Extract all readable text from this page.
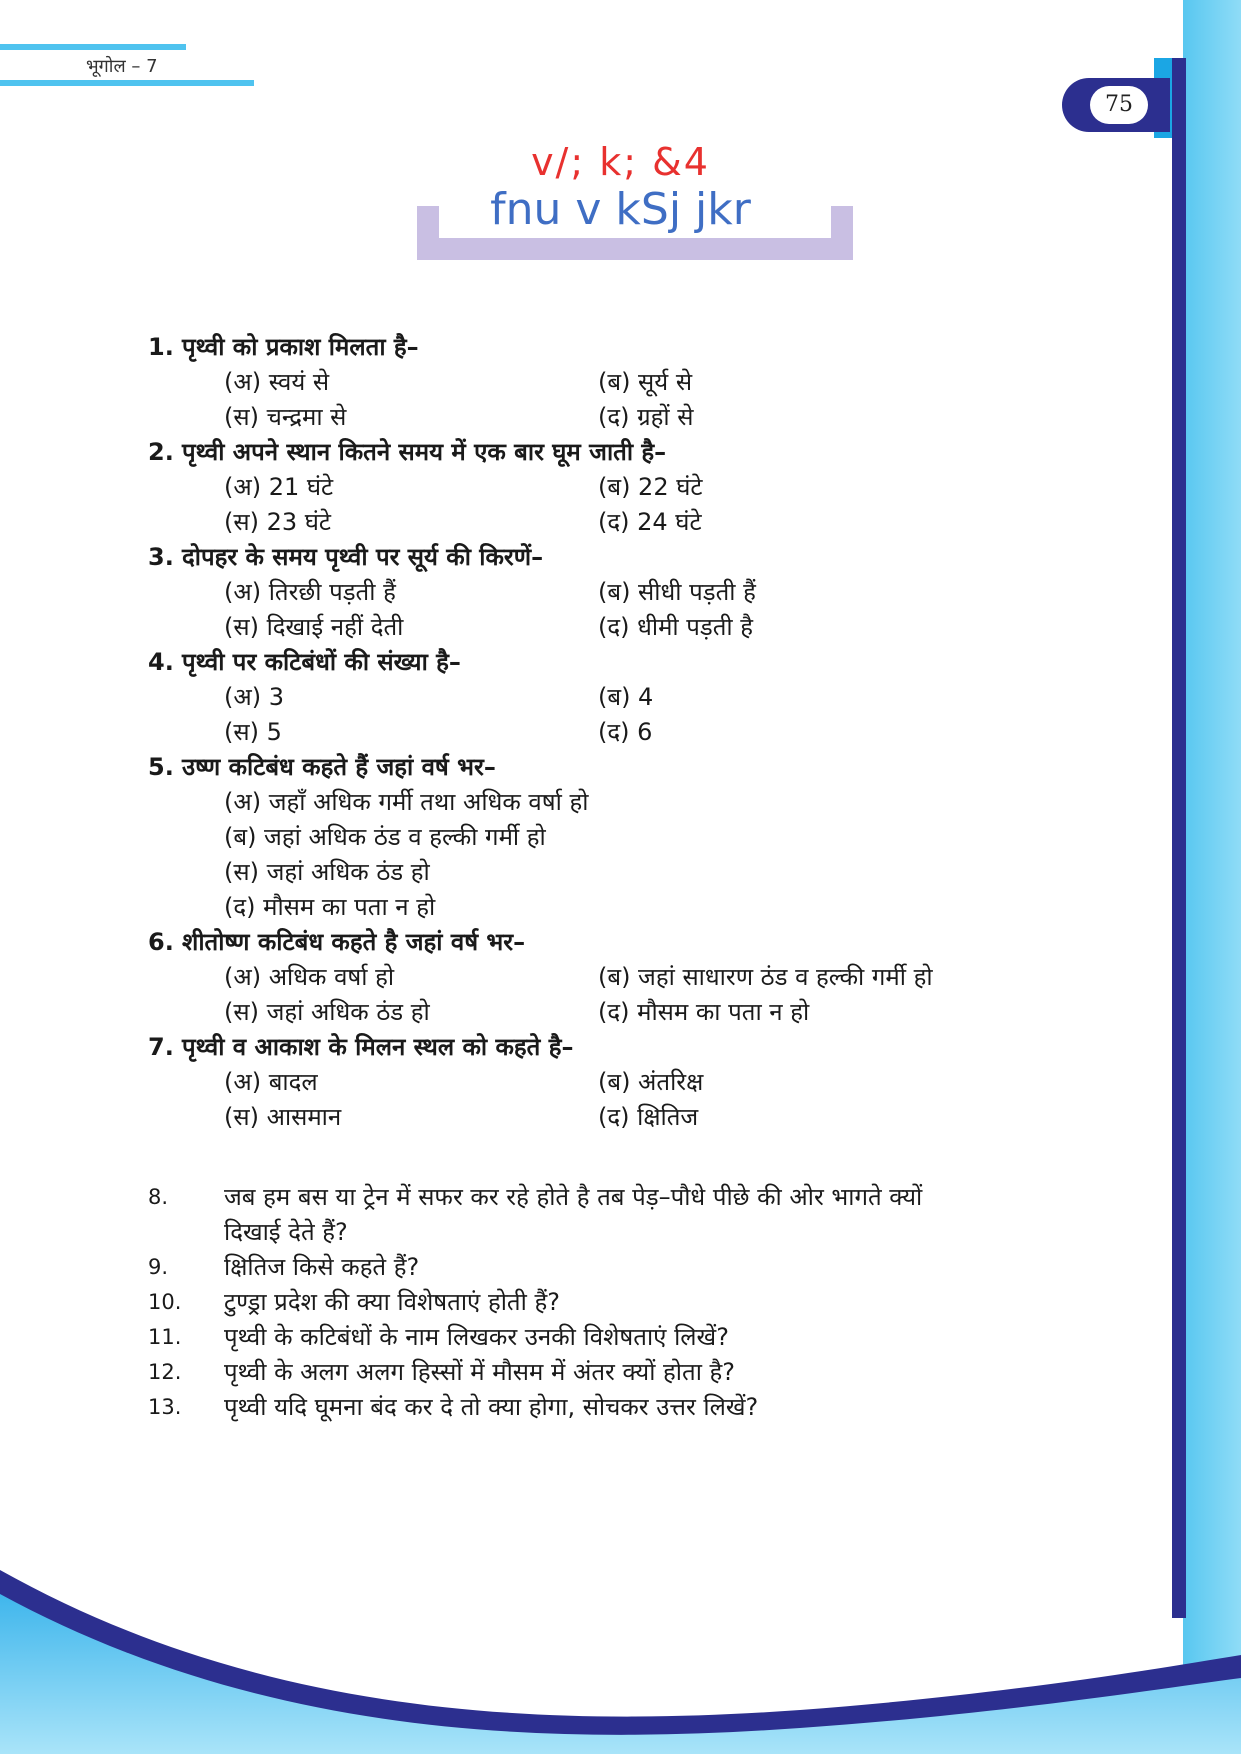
भूगोल – 7
75
v/; k; &4
fnu v kSj jkr
1. पृथ्वी को प्रकाश मिलता है–
(अ) स्वयं से	(ब) सूर्य से
(स) चन्द्रमा से	(द) ग्रहों से
2. पृथ्वी अपने स्थान कितने समय में एक बार घूम जाती है–
(अ) 21 घंटे	(ब) 22 घंटे
(स) 23 घंटे	(द) 24 घंटे
3. दोपहर के समय पृथ्वी पर सूर्य की किरणें–
(अ) तिरछी पड़ती हैं	(ब) सीधी पड़ती हैं
(स) दिखाई नहीं देती	(द) धीमी पड़ती है
4. पृथ्वी पर कटिबंधों की संख्या है–
(अ) 3	(ब) 4
(स) 5	(द) 6
5. उष्ण कटिबंध कहते हैं जहां वर्ष भर–
(अ) जहाँ अधिक गर्मी तथा अधिक वर्षा हो
(ब) जहां अधिक ठंड व हल्की गर्मी हो
(स) जहां अधिक ठंड हो
(द) मौसम का पता न हो
6. शीतोष्ण कटिबंध कहते है जहां वर्ष भर–
(अ) अधिक वर्षा हो	(ब) जहां साधारण ठंड व हल्की गर्मी हो
(स) जहां अधिक ठंड हो	(द) मौसम का पता न हो
7. पृथ्वी व आकाश के मिलन स्थल को कहते है–
(अ) बादल	(ब) अंतरिक्ष
(स) आसमान	(द) क्षितिज
8. जब हम बस या ट्रेन में सफर कर रहे होते है तब पेड़–पौधे पीछे की ओर भागते क्यों
दिखाई देते हैं?
9. क्षितिज किसे कहते हैं?
10. टुण्ड्रा प्रदेश की क्या विशेषताएं होती हैं?
11. पृथ्वी के कटिबंधों के नाम लिखकर उनकी विशेषताएं लिखें?
12. पृथ्वी के अलग अलग हिस्सों में मौसम में अंतर क्यों होता है?
13. पृथ्वी यदि घूमना बंद कर दे तो क्या होगा, सोचकर उत्तर लिखें?
